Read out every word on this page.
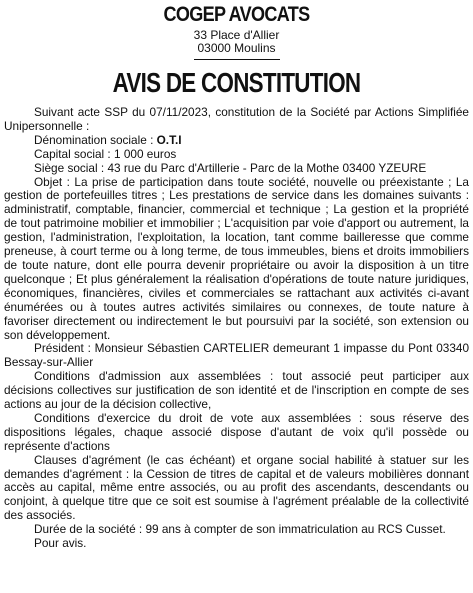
COGEP AVOCATS
33 Place d'Allier
03000 Moulins
AVIS DE CONSTITUTION

Suivant acte SSP du 07/11/2023, constitution de la Société par Actions Simplifiée Unipersonnelle :

Dénomination sociale : O.T.I

Capital social : 1 000 euros

Siège social : 43 rue du Parc d'Artillerie - Parc de la Mothe 03400 YZEURE

Objet : La prise de participation dans toute société, nouvelle ou préexistante ; La gestion de portefeuilles titres ; Les prestations de service dans les domaines suivants : administratif, comptable, financier, commercial et technique ; La gestion et la propriété de tout patrimoine mobilier et immobilier ; L'acquisition par voie d'apport ou autrement, la gestion, l'administration, l'exploitation, la location, tant comme bailleresse que comme preneuse, à court terme ou à long terme, de tous immeubles, biens et droits immobiliers de toute nature, dont elle pourra devenir propriétaire ou avoir la disposition à un titre quelconque ; Et plus généralement la réalisation d'opérations de toute nature juridiques, économiques, financières, civiles et commerciales se rattachant aux activités ci-avant énumérées ou à toutes autres activités similaires ou connexes, de toute nature à favoriser directement ou indirectement le but poursuivi par la société, son extension ou son développement.

Président : Monsieur Sébastien CARTELIER demeurant 1 impasse du Pont 03340 Bessay-sur-Allier

Conditions d'admission aux assemblées : tout associé peut participer aux décisions collectives sur justification de son identité et de l'inscription en compte de ses actions au jour de la décision collective,

Conditions d'exercice du droit de vote aux assemblées : sous réserve des dispositions légales, chaque associé dispose d'autant de voix qu'il possède ou représente d'actions

Clauses d'agrément (le cas échéant) et organe social habilité à statuer sur les demandes d'agrément : la Cession de titres de capital et de valeurs mobilières donnant accès au capital, même entre associés, ou au profit des ascendants, descendants ou conjoint, à quelque titre que ce soit est soumise à l'agrément préalable de la collectivité des associés.

Durée de la société : 99 ans à compter de son immatriculation au RCS Cusset.

Pour avis.
